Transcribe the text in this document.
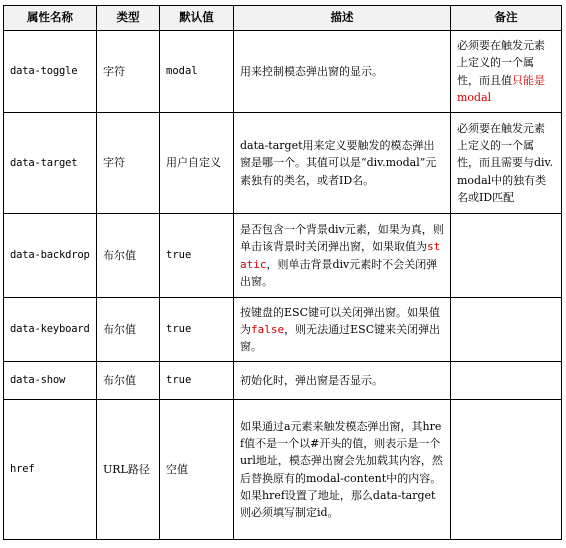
属性名称	类型	默认值	描述	备注
data-toggle	字符	modal	用来控制模态弹出窗的显示。	必须要在触发元素上定义的一个属性，而且值只能是modal
data-target	字符	用户自定义	data-target用来定义要触发的模态弹出窗是哪一个。其值可以是“div.modal”元素独有的类名，或者ID名。	必须要在触发元素上定义的一个属性，而且需要与div.modal中的独有类名或ID匹配
data-backdrop	布尔值	true	是否包含一个背景div元素，如果为真，则单击该背景时关闭弹出窗，如果取值为static，则单击背景div元素时不会关闭弹出窗。	
data-keyboard	布尔值	true	按键盘的ESC键可以关闭弹出窗。如果值为false，则无法通过ESC键来关闭弹出窗。	
data-show	布尔值	true	初始化时，弹出窗是否显示。	
href	URL路径	空值	如果通过a元素来触发模态弹出窗，其href值不是一个以#开头的值，则表示是一个url地址，模态弹出窗会先加载其内容，然后替换原有的modal-content中的内容。如果href设置了地址，那么data-target则必须填写制定id。	
